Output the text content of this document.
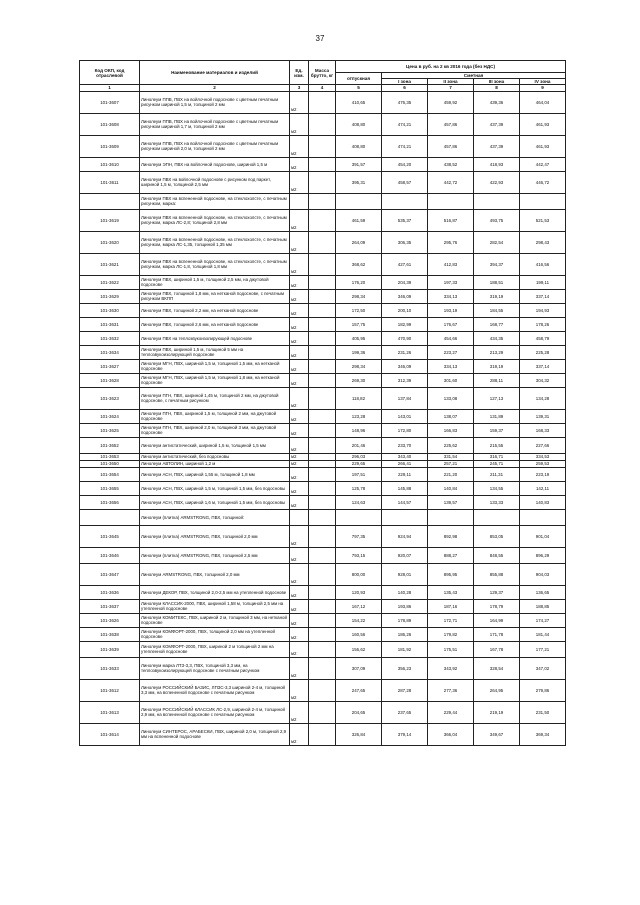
37
Код ОКП, код отраслевой	Наименование материалов и изделий	Ед. изм.	Масса брутто, кг	Цена в руб. на 2 кв 2016 года (без НДС)				
				отпускная	Сметная			
					I зона	II зона	III зона	IV зона
1	2	3	4	5	6	7	8	9
101-3607	Линолеум ППВ, ПВХ на войлочной подоснове с цветным печатным рисунком шириной 1,5 м, толщиной 2 мм	м2		410,65	476,35	459,92	439,36	464,04
101-3608	Линолеум ППВ, ПВХ на войлочной подоснове с цветным печатным рисунком шириной 1,7 м, толщиной 2 мм	м2		408,80	474,21	457,86	437,39	461,93
101-3609	Линолеум ППВ, ПВХ на войлочной подоснове с цветным печатным рисунком шириной 2,0 м, толщиной 2 мм	м2		408,80	474,21	457,86	437,39	461,93
101-3610	Линолеум ЭПН, ПВХ на войлочной подоснове, шириной 1,5 м	м2		391,57	454,20	438,52	418,93	442,47
101-3611	Линолеум ПВХ на войлочной подоснове с рисунком под паркет, шириной 1,5 м, толщиной 2,5 мм	м2		395,31	458,57	442,72	422,93	446,72
	Линолеум ПВХ на вспененной подоснове, на стеклохолсте, с печатным рисунком, марка:							
101-3619	Линолеум ПВХ на вспененной подоснове, на стеклохолсте, с печатным рисунком, марка ЛС-2,8; толщиной 2,8 мм	м2		461,59	535,37	516,87	493,75	521,53
101-3620	Линолеум ПВХ на вспененной подоснове, на стеклохолсте, с печатным рисунком, марка ЛС-1,35, толщиной 1,35 мм	м2		264,09	306,35	295,76	282,54	298,43
101-3621	Линолеум ПВХ на вспененной подоснове, на стеклохолсте, с печатным рисунком, марка ЛС-1,8, толщиной 1,8 мм	м2		368,62	427,61	412,83	394,37	416,56
101-3622	Линолеум ПВХ, шириной 1,5 м, толщиной 2,5 мм, на джутовой подоснове	м2		176,20	204,39	197,33	188,51	199,11
101-3629	Линолеум ПВХ, толщиной 1,8 мм, на нетканой подоснове, с печатным рисунком ВКПП	м2		298,34	346,09	334,13	319,19	337,14
101-3630	Линолеум ПВХ, толщиной 2,2 мм, на нетканой подоснове	м2		172,50	200,10	193,19	184,55	194,93
101-3631	Линолеум ПВХ, толщиной 2,6 мм, на нетканой подоснове	м2		157,75	182,99	176,67	168,77	178,26
101-3632	Линолеум ПВХ на теплозвукоизолирующей подоснове	м2		405,95	470,90	454,66	434,35	458,79
101-3634	Линолеум ПВХ, шириной 1,5 м, толщиной 5 мм на теплозвукоизолирующей подоснове	м2		199,36	231,26	223,27	213,29	225,28
101-3627	Линолеум МГН, ПВХ, шириной 1,5 м, толщиной 1,5 мм, на нетканой подоснове	м2		298,34	346,09	334,13	319,19	337,14
101-3628	Линолеум МГН, ПВХ, шириной 1,5 м, толщиной 1,8 мм, на нетканой подоснове	м2		269,30	312,39	301,60	288,11	304,32
101-3623	Линолеум ПГН, ПВХ, шириной 1,45 м, толщиной 2 мм, на джутовой подоснове, с печатным рисунком	м2		118,82	137,84	133,08	127,13	134,28
101-3624	Линолеум ПГН, ПВХ, шириной 1,5 м, толщиной 2 мм, на джутовой подоснове	м2		123,28	143,01	138,07	131,89	139,31
101-3625	Линолеум ПГН, ПВХ, шириной 2,0 м, толщиной 3 мм, на джутовой подоснове	м2		148,96	172,80	166,83	159,37	168,33
101-3652	Линолеум антистатический, шириной 1,5 м, толщиной 1,5 мм	м2		201,46	233,70	225,62	215,55	227,66
101-3653	Линолеум антистатический, без подосновы	м2		296,03	343,40	331,54	316,71	334,53
101-3650	Линолеум АВТОЛИН, шириной 1,2 м	м2		229,65	266,41	257,21	245,71	259,53
101-3654	Линолеум АСН, ПВХ, шириной 1,55 м, толщиной 1,8 мм	м2		197,51	229,11	221,20	211,31	223,19
101-3655	Линолеум АСН, ПВХ, шириной 1,5 м, толщиной 1,5 мм, без подосновы	м2		125,78	145,88	140,84	134,55	142,11
101-3656	Линолеум АСН, ПВХ, шириной 1,6 м, толщиной 1,5 мм, без подосновы	м2		124,63	144,57	139,57	133,33	140,83
	Линолеум (плитка) ARMSTRONG, ПВХ, толщиной:							
101-3645	Линолеум (плитка) ARMSTRONG, ПВХ, толщиной 2,0 мм	м2		797,35	924,94	892,98	853,05	901,04
101-3646	Линолеум (плитка) ARMSTRONG, ПВХ, толщиной 2,5 мм	м2		793,15	920,07	888,27	848,55	896,29
101-3647	Линолеум ARMSTRONG, ПВХ, толщиной 2,0 мм	м2		800,00	928,01	895,95	855,88	904,03
101-3636	Линолеум ДЕКОР, ПВХ, толщиной 2,0-2,5 мм на утепленной подоснове	м2		120,93	140,28	135,43	129,37	136,65
101-3637	Линолеум КЛАССИК-2000, ПВХ, шириной 1,58 м, толщиной 2,5 мм на утепленной подоснове	м2		167,12	193,86	187,16	178,79	188,85
101-3626	Линолеум КОМИТЕКС, ПВХ, шириной 2 м, толщиной 3 мм, на нетканой подоснове	м2		154,22	178,89	172,71	164,99	174,27
101-3638	Линолеум КОМФОРТ-2000, ПВХ, толщиной 2,0 мм на утепленной подоснове	м2		160,56	186,26	179,82	171,78	181,44
101-3639	Линолеум КОМФОРТ-2000, ПВХ, шириной 2 м толщиной 2 мм на утепленной подоснове	м2		156,62	181,92	175,51	167,78	177,21
101-3633	Линолеум марка ЛТЗ-3,3, ПВХ, толщиной 3,3 мм, на теплозвукоизолирующей подоснове с печатным рисунком	м2		307,09	356,23	343,92	328,54	347,02
101-3612	Линолеум РОССИЙСКИЙ БАЗИС, ЛПЗС-3,3 шириной 2-4 м, толщиной 3,3 мм, на вспененной подоснове с печатным рисунком	м2		247,65	287,28	277,36	264,95	279,86
101-3613	Линолеум РОССИЙСКИЙ КЛАССИК ЛС-2,9, шириной 2-4 м, толщиной 2,9 мм, на вспененной подоснове с печатным рисунком	м2		204,65	237,65	229,44	219,19	231,50
101-3614	Линолеум СИНТЕРОС, АРАБЕСКИ, ПВХ, шириной 2,0 м, толщиной 2,9 мм на вспененной подоснове	м2		326,84	379,14	366,04	349,67	369,34
